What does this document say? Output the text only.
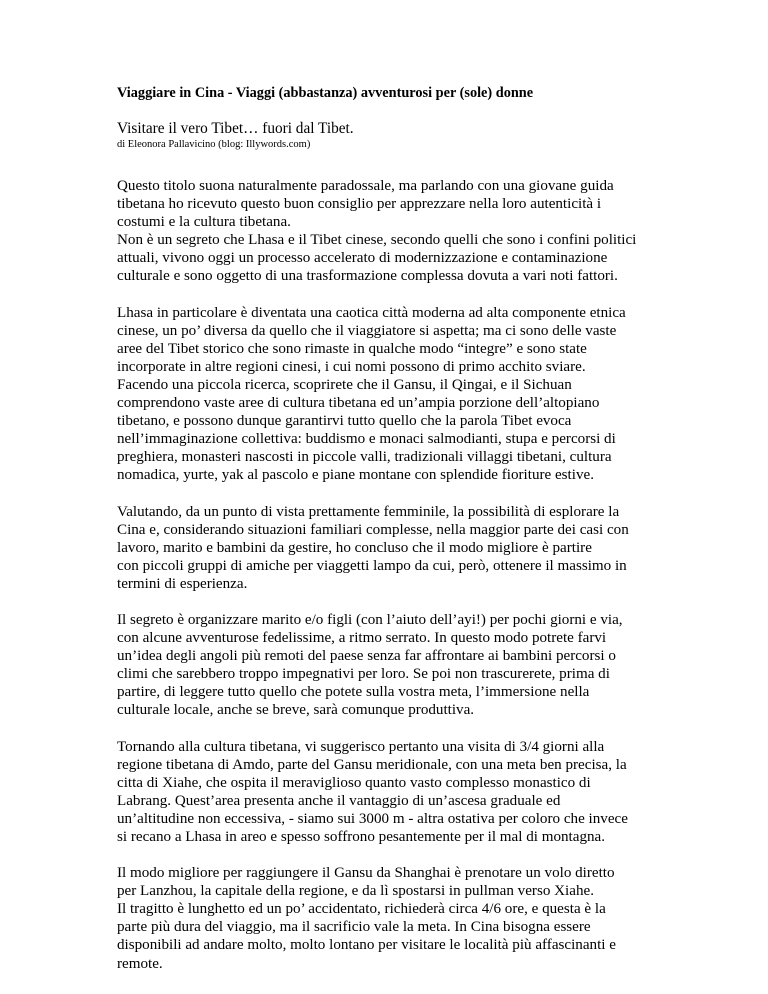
Viaggiare in Cina - Viaggi (abbastanza) avventurosi per (sole) donne
Visitare il vero Tibet… fuori dal Tibet.
di Eleonora Pallavicino (blog: Illywords.com)
Questo titolo suona naturalmente paradossale, ma parlando con una giovane guida
tibetana ho ricevuto questo buon consiglio per apprezzare nella loro autenticità i
costumi e la cultura tibetana.
Non è un segreto che Lhasa e il Tibet cinese, secondo quelli che sono i confini politici
attuali, vivono oggi un processo accelerato di modernizzazione e contaminazione
culturale e sono oggetto di una trasformazione complessa dovuta a vari noti fattori.
Lhasa in particolare è diventata una caotica città moderna ad alta componente etnica
cinese, un po’ diversa da quello che il viaggiatore si aspetta; ma ci sono delle vaste
aree del Tibet storico che sono rimaste in qualche modo “integre” e sono state
incorporate in altre regioni cinesi, i cui nomi possono di primo acchito sviare.
Facendo una piccola ricerca, scoprirete che il Gansu, il Qingai, e il Sichuan
comprendono vaste aree di cultura tibetana ed un’ampia porzione dell’altopiano
tibetano, e possono dunque garantirvi tutto quello che la parola Tibet evoca
nell’immaginazione collettiva: buddismo e monaci salmodianti, stupa e percorsi di
preghiera, monasteri nascosti in piccole valli, tradizionali villaggi tibetani, cultura
nomadica, yurte, yak al pascolo e piane montane con splendide fioriture estive.
Valutando, da un punto di vista prettamente femminile, la possibilità di esplorare la
Cina e, considerando situazioni familiari complesse, nella maggior parte dei casi con
lavoro, marito e bambini da gestire, ho concluso che il modo migliore è partire
con piccoli gruppi di amiche per viaggetti lampo da cui, però, ottenere il massimo in
termini di esperienza.
Il segreto è organizzare marito e/o figli (con l’aiuto dell’ayi!) per pochi giorni e via,
con alcune avventurose fedelissime, a ritmo serrato. In questo modo potrete farvi
un’idea degli angoli più remoti del paese senza far affrontare ai bambini percorsi o
climi che sarebbero troppo impegnativi per loro. Se poi non trascurerete, prima di
partire, di leggere tutto quello che potete sulla vostra meta, l’immersione nella
culturale locale, anche se breve, sarà comunque produttiva.
Tornando alla cultura tibetana, vi suggerisco pertanto una visita di 3/4 giorni alla
regione tibetana di Amdo, parte del Gansu meridionale, con una meta ben precisa, la
citta di Xiahe, che ospita il meraviglioso quanto vasto complesso monastico di
Labrang. Quest’area presenta anche il vantaggio di un’ascesa graduale ed
un’altitudine non eccessiva, - siamo sui 3000 m - altra ostativa per coloro che invece
si recano a Lhasa in areo e spesso soffrono pesantemente per il mal di montagna.
Il modo migliore per raggiungere il Gansu da Shanghai è prenotare un volo diretto
per Lanzhou, la capitale della regione, e da lì spostarsi in pullman verso Xiahe.
Il tragitto è lunghetto ed un po’ accidentato, richiederà circa 4/6 ore, e questa è la
parte più dura del viaggio, ma il sacrificio vale la meta. In Cina bisogna essere
disponibili ad andare molto, molto lontano per visitare le località più affascinanti e
remote.
